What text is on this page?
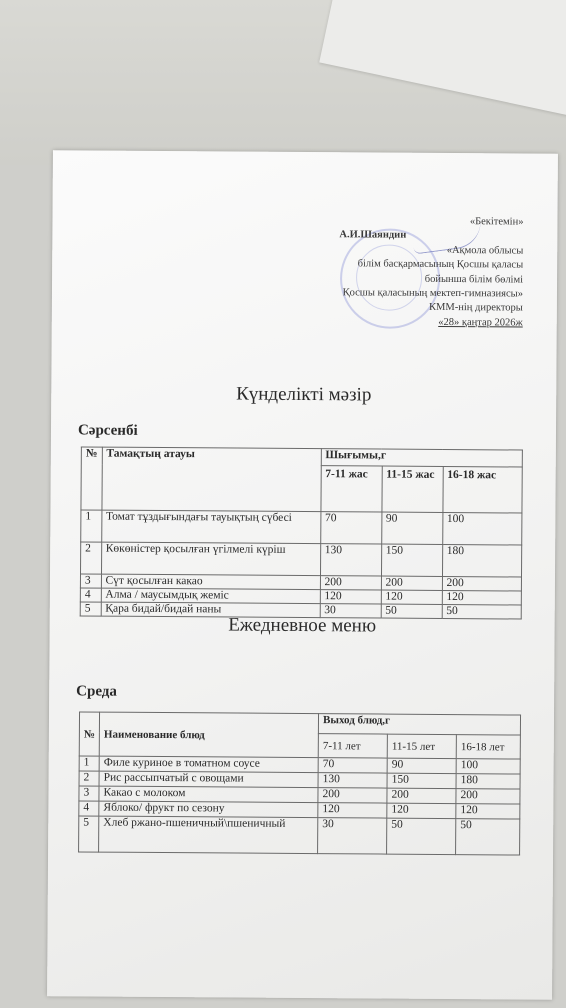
«Бекітемін»
А.И.Шаяндин
«Ақмола облысы
білім басқармасының Қосшы қаласы
бойынша білім бөлімі
Қосшы қаласының мектеп-гимназиясы»
КММ-нің директоры
«28» қаңтар 2026ж
Күнделікті мәзір
Сәрсенбі
№	Тамақтың атауы	Шығымы,г		
		7-11 жас	11-15 жас	16-18 жас
1	Томат тұздығындағы тауықтың сүбесі	70	90	100
2	Көкөністер қосылған үгілмелі күріш	130	150	180
3	Сүт қосылған какао	200	200	200
4	Алма / маусымдық жеміс	120	120	120
5	Қара бидай/бидай наны	30	50	50
Ежедневное меню
Среда
№	Наименование блюд	Выход блюд,г		
		7-11 лет	11-15 лет	16-18 лет
1	Филе куриное в томатном соусе	70	90	100
2	Рис рассыпчатый с овощами	130	150	180
3	Какао с молоком	200	200	200
4	Яблоко/ фрукт по сезону	120	120	120
5	Хлеб ржано-пшеничный\пшеничный	30	50	50
